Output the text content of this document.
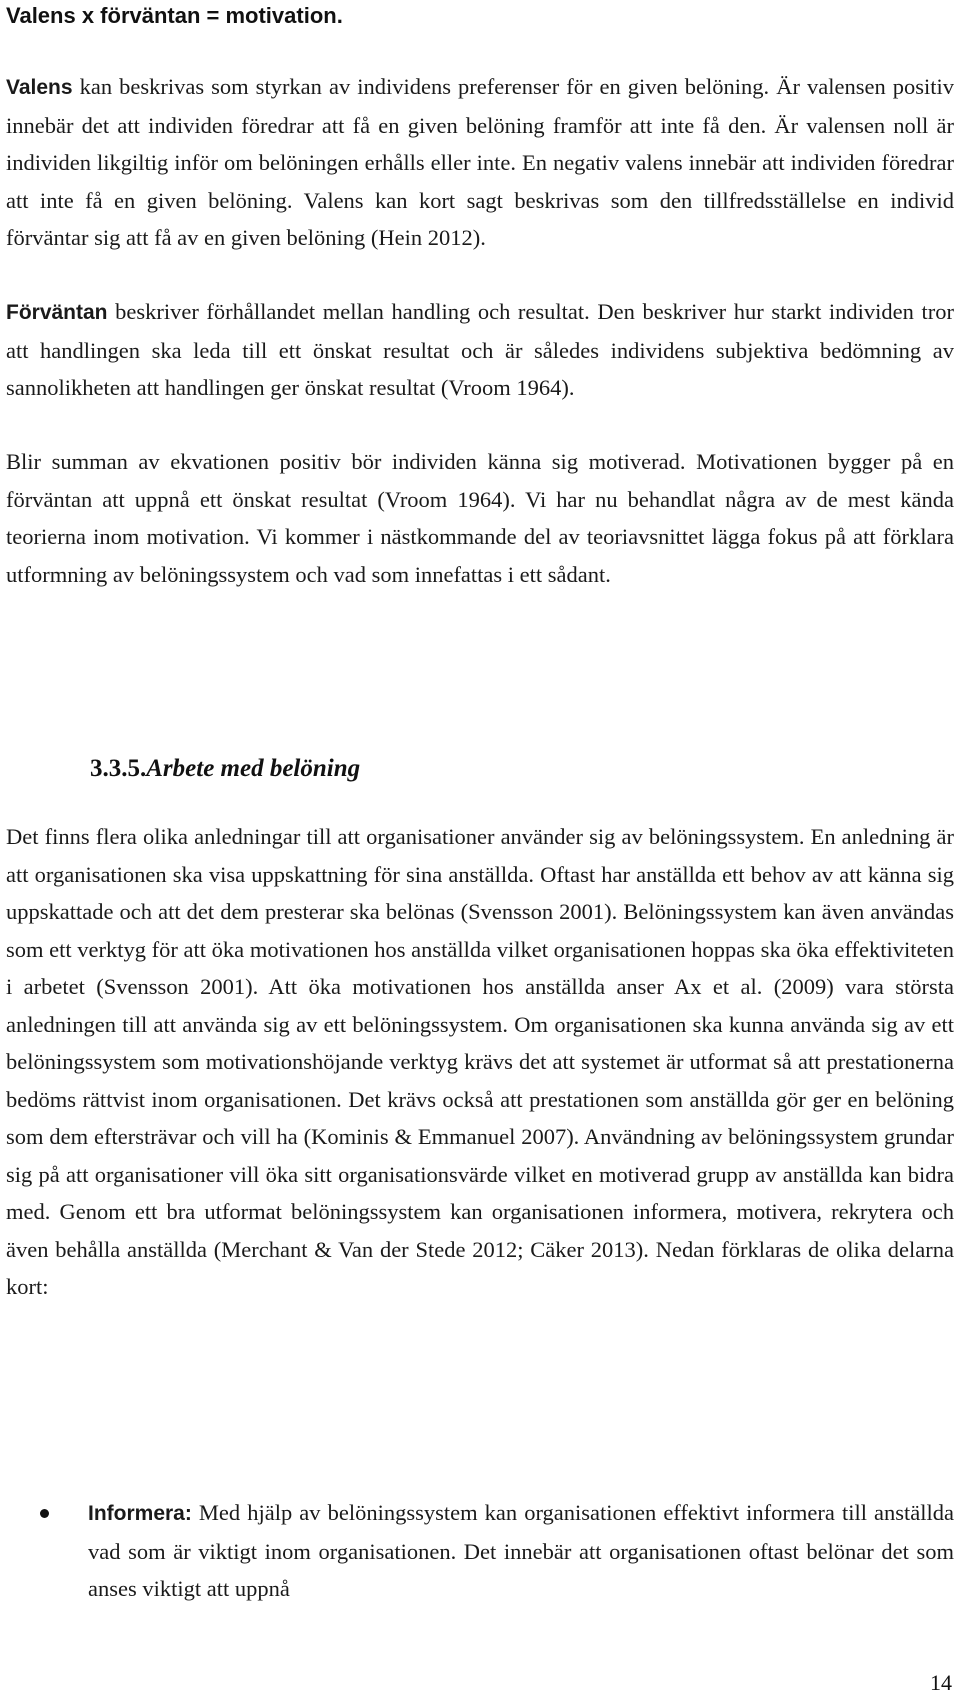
Valens x förväntan = motivation.

Valens kan beskrivas som styrkan av individens preferenser för en given belöning. Är valensen positiv innebär det att individen föredrar att få en given belöning framför att inte få den. Är valensen noll är individen likgiltig inför om belöningen erhålls eller inte. En negativ valens innebär att individen föredrar att inte få en given belöning. Valens kan kort sagt beskrivas som den tillfredsställelse en individ förväntar sig att få av en given belöning (Hein 2012).

Förväntan beskriver förhållandet mellan handling och resultat. Den beskriver hur starkt individen tror att handlingen ska leda till ett önskat resultat och är således individens subjektiva bedömning av sannolikheten att handlingen ger önskat resultat (Vroom 1964).

Blir summan av ekvationen positiv bör individen känna sig motiverad. Motivationen bygger på en förväntan att uppnå ett önskat resultat (Vroom 1964). Vi har nu behandlat några av de mest kända teorierna inom motivation. Vi kommer i nästkommande del av teoriavsnittet lägga fokus på att förklara utformning av belöningssystem och vad som innefattas i ett sådant.

3.3.5.Arbete med belöning

Det finns flera olika anledningar till att organisationer använder sig av belöningssystem. En anledning är att organisationen ska visa uppskattning för sina anställda. Oftast har anställda ett behov av att känna sig uppskattade och att det dem presterar ska belönas (Svensson 2001). Belöningssystem kan även användas som ett verktyg för att öka motivationen hos anställda vilket organisationen hoppas ska öka effektiviteten i arbetet (Svensson 2001). Att öka motivationen hos anställda anser Ax et al. (2009) vara största anledningen till att använda sig av ett belöningssystem. Om organisationen ska kunna använda sig av ett belöningssystem som motivationshöjande verktyg krävs det att systemet är utformat så att prestationerna bedöms rättvist inom organisationen. Det krävs också att prestationen som anställda gör ger en belöning som dem eftersträvar och vill ha (Kominis & Emmanuel 2007). Användning av belöningssystem grundar sig på att organisationer vill öka sitt organisationsvärde vilket en motiverad grupp av anställda kan bidra med. Genom ett bra utformat belöningssystem kan organisationen informera, motivera, rekrytera och även behålla anställda (Merchant & Van der Stede 2012; Cäker 2013). Nedan förklaras de olika delarna kort:

Informera: Med hjälp av belöningssystem kan organisationen effektivt informera till anställda vad som är viktigt inom organisationen. Det innebär att organisationen oftast belönar det som anses viktigt att uppnå

14
